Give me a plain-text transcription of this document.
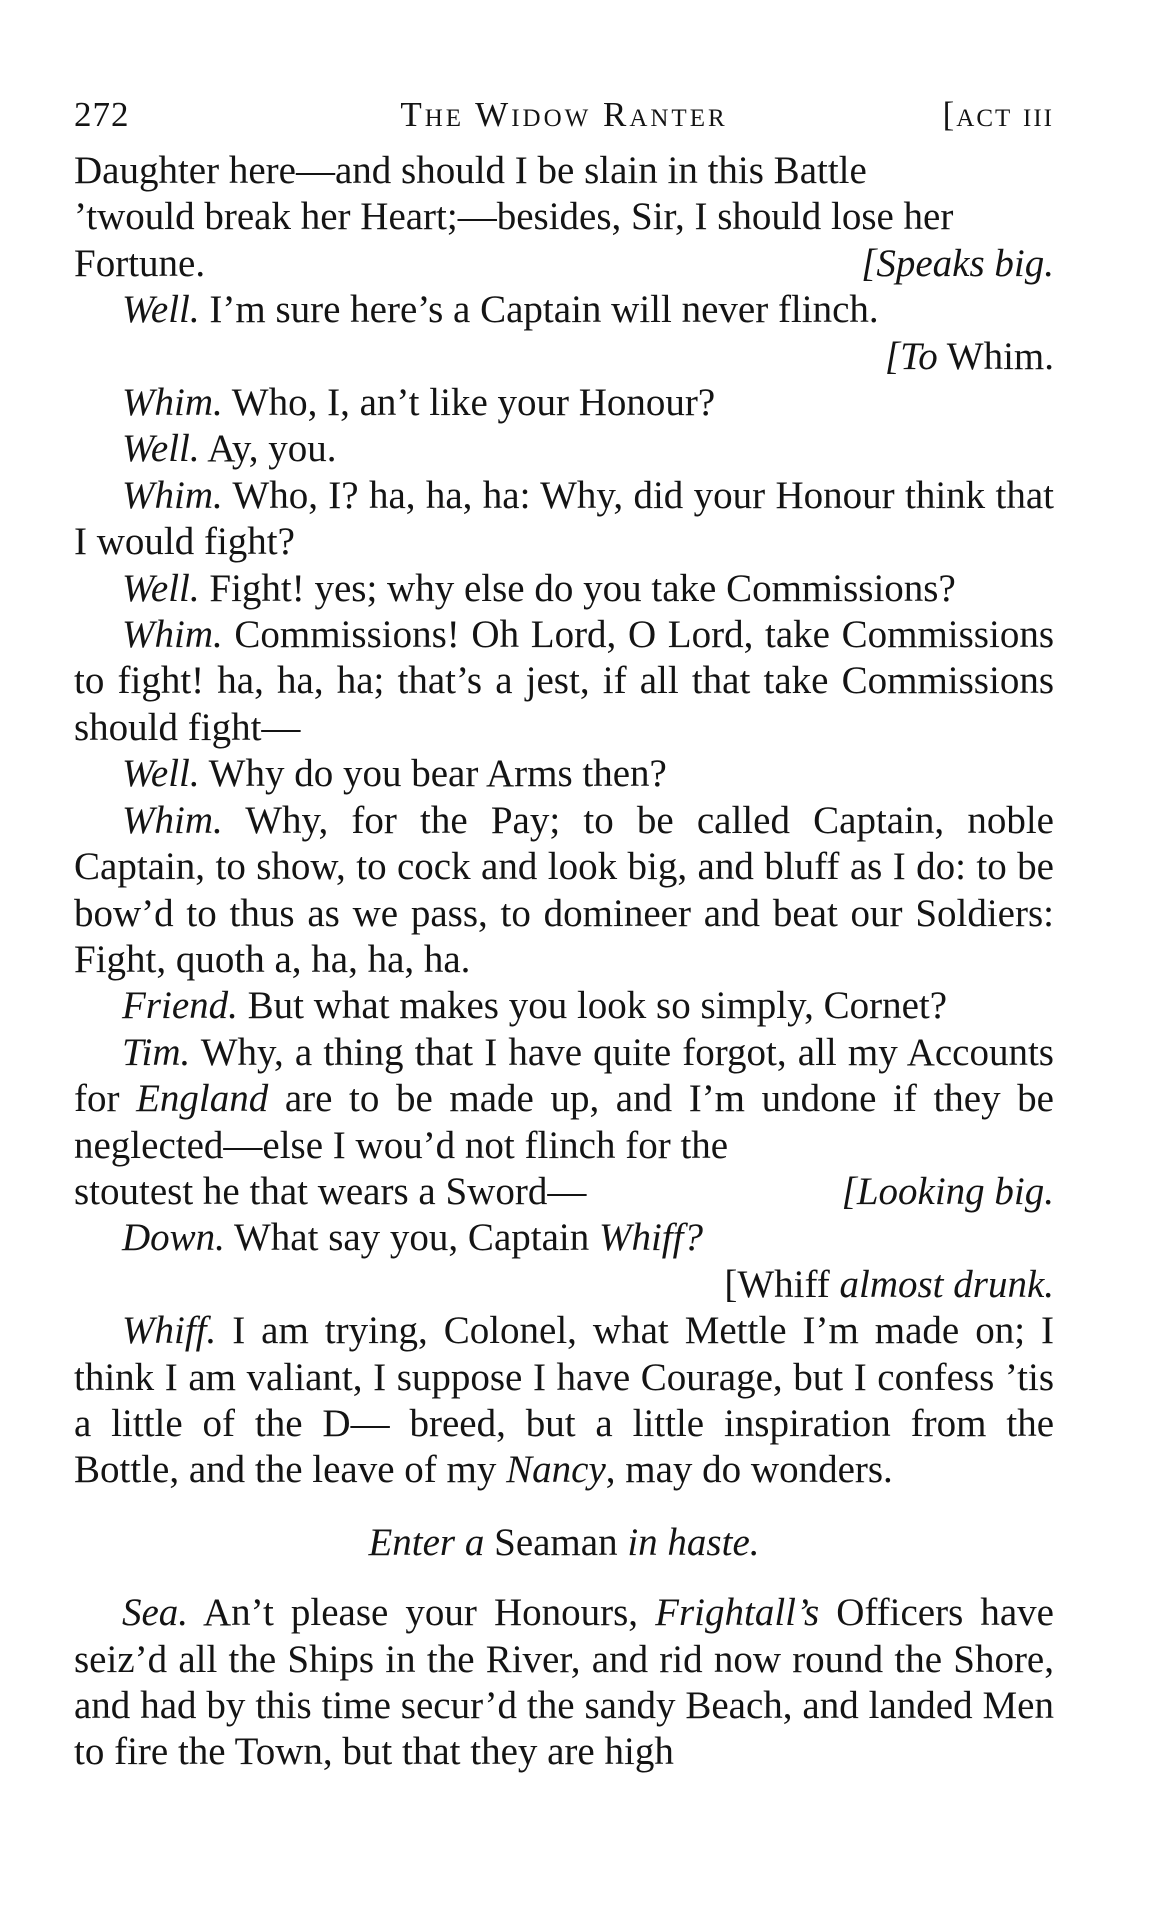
272	The Widow Ranter	[act iii

Daughter here—and should I be slain in this Battle

’twould break her Heart;—besides, Sir, I should lose her

Fortune.	[Speaks big.

Well. I’m sure here’s a Captain will never flinch.

[To Whim.

Whim. Who, I, an’t like your Honour?

Well. Ay, you.

Whim. Who, I? ha, ha, ha: Why, did your Honour think that I would fight?

Well. Fight! yes; why else do you take Commissions?

Whim. Commissions! Oh Lord, O Lord, take Commissions to fight! ha, ha, ha; that’s a jest, if all that take Commissions should fight—

Well. Why do you bear Arms then?

Whim. Why, for the Pay; to be called Captain, noble Captain, to show, to cock and look big, and bluff as I do: to be bow’d to thus as we pass, to domineer and beat our Soldiers: Fight, quoth a, ha, ha, ha.

Friend. But what makes you look so simply, Cornet?

Tim. Why, a thing that I have quite forgot, all my Accounts for England are to be made up, and I’m undone if they be neglected—else I wou’d not flinch for the

stoutest he that wears a Sword—	[Looking big.

Down. What say you, Captain Whiff?

[Whiff almost drunk.

Whiff. I am trying, Colonel, what Mettle I’m made on; I think I am valiant, I suppose I have Courage, but I confess ’tis a little of the D— breed, but a little inspiration from the Bottle, and the leave of my Nancy, may do wonders.

Enter a Seaman in haste.

Sea. An’t please your Honours, Frightall’s Officers have seiz’d all the Ships in the River, and rid now round the Shore, and had by this time secur’d the sandy Beach, and landed Men to fire the Town, but that they are high
